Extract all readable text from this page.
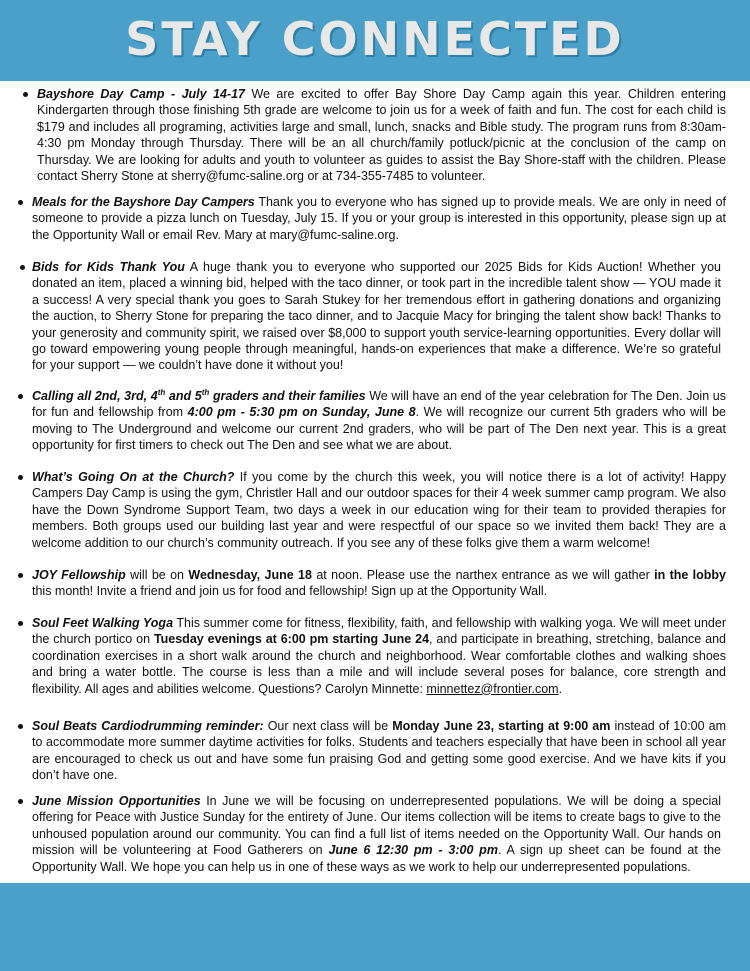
STAY CONNECTED

Bayshore Day Camp - July 14-17 We are excited to offer Bay Shore Day Camp again this year. Children entering Kindergarten through those finishing 5th grade are welcome to join us for a week of faith and fun. The cost for each child is $179 and includes all programing, activities large and small, lunch, snacks and Bible study. The program runs from 8:30am-4:30 pm Monday through Thursday. There will be an all church/family potluck/picnic at the conclusion of the camp on Thursday. We are looking for adults and youth to volunteer as guides to assist the Bay Shore-staff with the children. Please contact Sherry Stone at sherry@fumc-saline.org or at 734-355-7485 to volunteer.

Meals for the Bayshore Day Campers Thank you to everyone who has signed up to provide meals. We are only in need of someone to provide a pizza lunch on Tuesday, July 15. If you or your group is interested in this opportunity, please sign up at the Opportunity Wall or email Rev. Mary at mary@fumc-saline.org.

Bids for Kids Thank You A huge thank you to everyone who supported our 2025 Bids for Kids Auction! Whether you donated an item, placed a winning bid, helped with the taco dinner, or took part in the incredible talent show — YOU made it a success! A very special thank you goes to Sarah Stukey for her tremendous effort in gathering donations and organizing the auction, to Sherry Stone for preparing the taco dinner, and to Jacquie Macy for bringing the talent show back! Thanks to your generosity and community spirit, we raised over $8,000 to support youth service-learning opportunities. Every dollar will go toward empowering young people through meaningful, hands-on experiences that make a difference. We’re so grateful for your support — we couldn’t have done it without you!

Calling all 2nd, 3rd, 4th and 5th graders and their families We will have an end of the year celebration for The Den. Join us for fun and fellowship from 4:00 pm - 5:30 pm on Sunday, June 8. We will recognize our current 5th graders who will be moving to The Underground and welcome our current 2nd graders, who will be part of The Den next year. This is a great opportunity for first timers to check out The Den and see what we are about.

What’s Going On at the Church? If you come by the church this week, you will notice there is a lot of activity! Happy Campers Day Camp is using the gym, Christler Hall and our outdoor spaces for their 4 week summer camp program. We also have the Down Syndrome Support Team, two days a week in our education wing for their team to provided therapies for members. Both groups used our building last year and were respectful of our space so we invited them back! They are a welcome addition to our church’s community outreach. If you see any of these folks give them a warm welcome!

JOY Fellowship will be on Wednesday, June 18 at noon. Please use the narthex entrance as we will gather in the lobby this month! Invite a friend and join us for food and fellowship! Sign up at the Opportunity Wall.

Soul Feet Walking Yoga This summer come for fitness, flexibility, faith, and fellowship with walking yoga. We will meet under the church portico on Tuesday evenings at 6:00 pm starting June 24, and participate in breathing, stretching, balance and coordination exercises in a short walk around the church and neighborhood. Wear comfortable clothes and walking shoes and bring a water bottle. The course is less than a mile and will include several poses for balance, core strength and flexibility. All ages and abilities welcome. Questions? Carolyn Minnette: minnettez@frontier.com.

Soul Beats Cardiodrumming reminder: Our next class will be Monday June 23, starting at 9:00 am instead of 10:00 am to accommodate more summer daytime activities for folks. Students and teachers especially that have been in school all year are encouraged to check us out and have some fun praising God and getting some good exercise. And we have kits if you don’t have one.

June Mission Opportunities In June we will be focusing on underrepresented populations. We will be doing a special offering for Peace with Justice Sunday for the entirety of June. Our items collection will be items to create bags to give to the unhoused population around our community. You can find a full list of items needed on the Opportunity Wall. Our hands on mission will be volunteering at Food Gatherers on June 6 12:30 pm - 3:00 pm. A sign up sheet can be found at the Opportunity Wall. We hope you can help us in one of these ways as we work to help our underrepresented populations.
